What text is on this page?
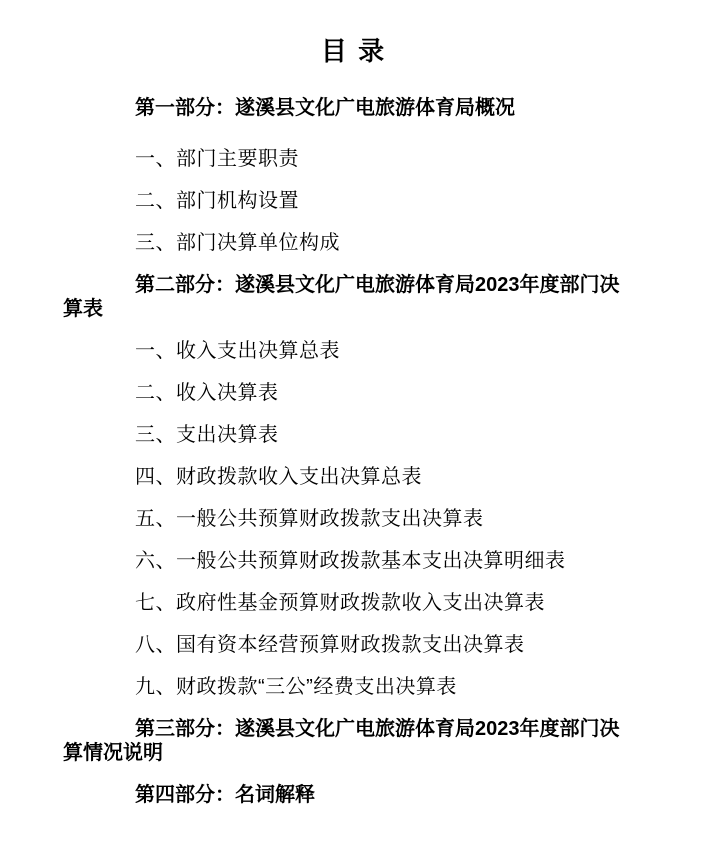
目 录

第一部分：遂溪县文化广电旅游体育局概况

一、部门主要职责

二、部门机构设置

三、部门决算单位构成

第二部分：遂溪县文化广电旅游体育局2023年度部门决算表

一、收入支出决算总表

二、收入决算表

三、支出决算表

四、财政拨款收入支出决算总表

五、一般公共预算财政拨款支出决算表

六、一般公共预算财政拨款基本支出决算明细表

七、政府性基金预算财政拨款收入支出决算表

八、国有资本经营预算财政拨款支出决算表

九、财政拨款“三公”经费支出决算表

第三部分：遂溪县文化广电旅游体育局2023年度部门决算情况说明

第四部分：名词解释
